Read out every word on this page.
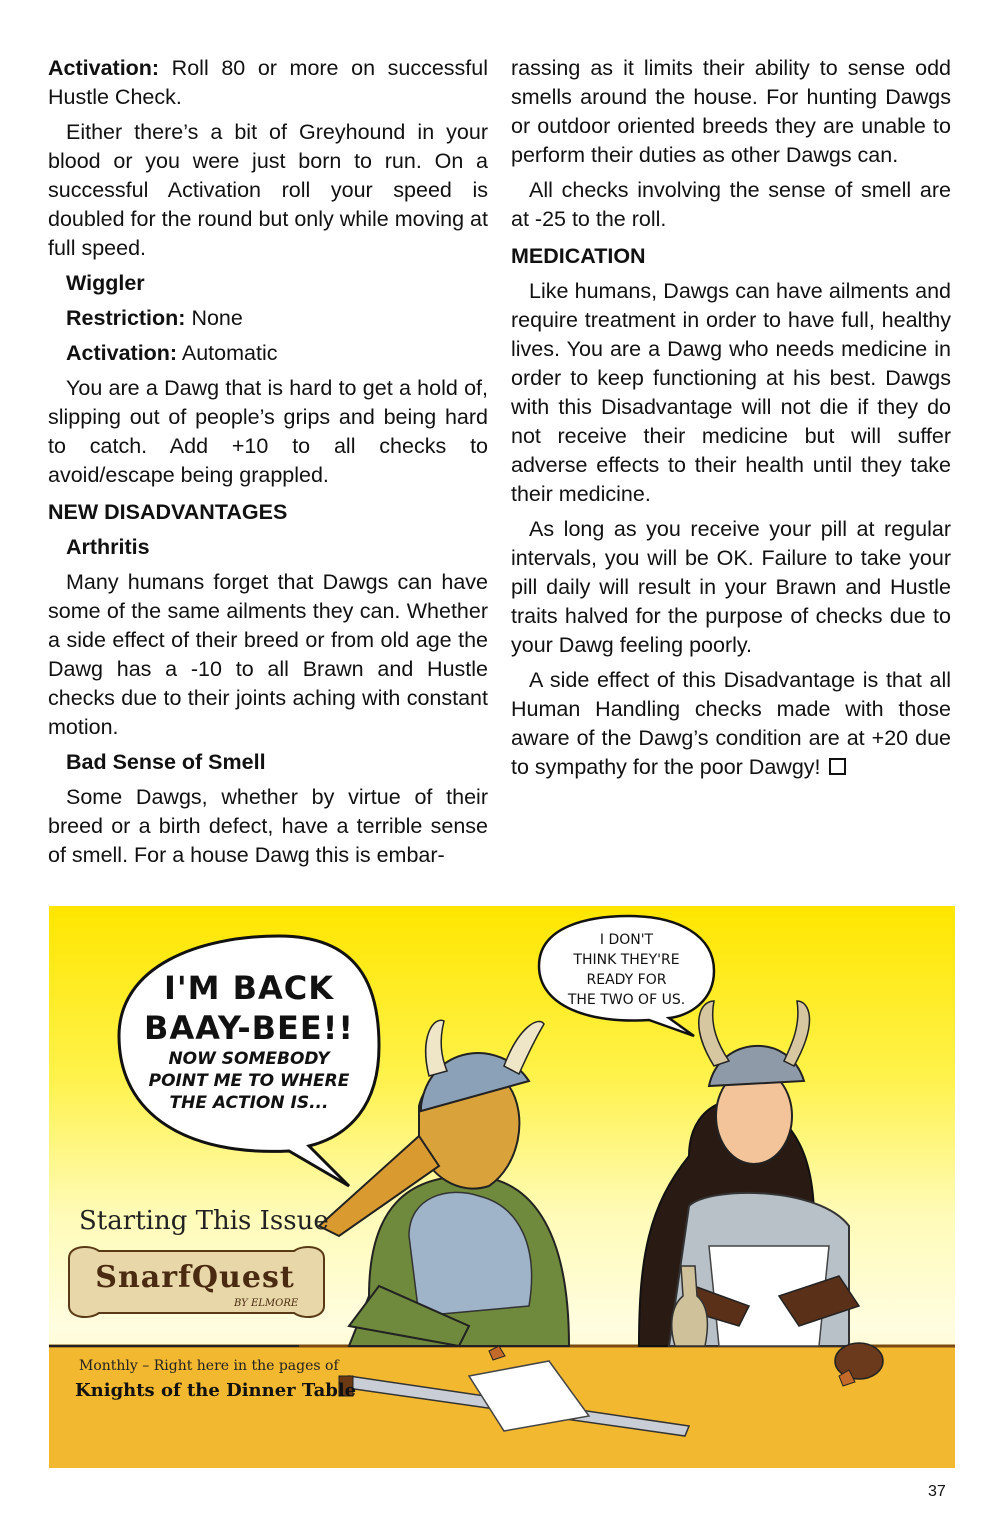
Activation: Roll 80 or more on successful Hustle Check.

Either there’s a bit of Greyhound in your blood or you were just born to run. On a successful Activation roll your speed is doubled for the round but only while moving at full speed.

Wiggler
Restriction: None
Activation: Automatic

You are a Dawg that is hard to get a hold of, slipping out of people’s grips and being hard to catch. Add +10 to all checks to avoid/escape being grappled.

NEW DISADVANTAGES
Arthritis

Many humans forget that Dawgs can have some of the same ailments they can. Whether a side effect of their breed or from old age the Dawg has a -10 to all Brawn and Hustle checks due to their joints aching with constant motion.

Bad Sense of Smell

Some Dawgs, whether by virtue of their breed or a birth defect, have a terrible sense of smell. For a house Dawg this is embar-

rassing as it limits their ability to sense odd smells around the house. For hunting Dawgs or outdoor oriented breeds they are unable to perform their duties as other Dawgs can.

All checks involving the sense of smell are at -25 to the roll.

MEDICATION

Like humans, Dawgs can have ailments and require treatment in order to have full, healthy lives. You are a Dawg who needs medicine in order to keep functioning at his best. Dawgs with this Disadvantage will not die if they do not receive their medicine but will suffer adverse effects to their health until they take their medicine.

As long as you receive your pill at regular intervals, you will be OK. Failure to take your pill daily will result in your Brawn and Hustle traits halved for the purpose of checks due to your Dawg feeling poorly.

A side effect of this Disadvantage is that all Human Handling checks made with those aware of the Dawg’s condition are at +20 due to sympathy for the poor Dawgy!

I'M BACK
BAAY-BEE!!
NOW SOMEBODY
POINT ME TO WHERE
THE ACTION IS...
I DON'T
THINK THEY'RE
READY FOR
THE TWO OF US.
Starting This Issue
SnarfQuest
BY ELMORE
Monthly – Right here in the pages of
Knights of the Dinner Table
37
